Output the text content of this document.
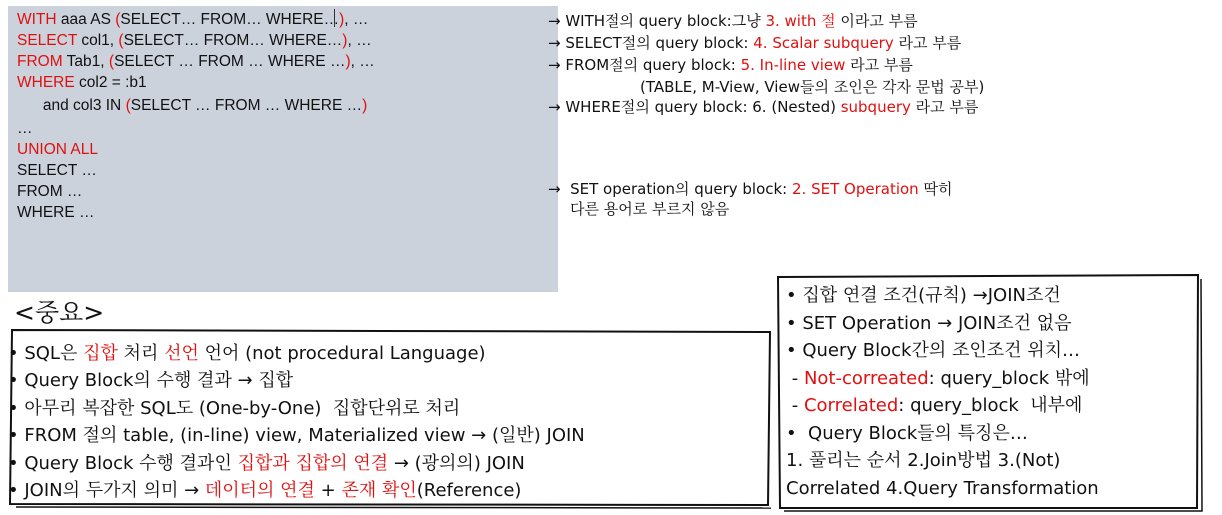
WITH aaa AS (SELECT… FROM… WHERE…), …
SELECT col1, (SELECT… FROM… WHERE…), …
FROM Tab1, (SELECT … FROM … WHERE …), …
WHERE col2 = :b1
and col3 IN (SELECT … FROM … WHERE …)
…
UNION ALL
SELECT …
FROM …
WHERE …
→ WITH절의 query block:그냥 3. with 절 이라고 부름
→ SELECT절의 query block: 4. Scalar subquery 라고 부름
→ FROM절의 query block: 5. In-line view 라고 부름
(TABLE, M-View, View들의 조인은 각자 문법 공부)
→ WHERE절의 query block: 6. (Nested) subquery 라고 부름
→  SET operation의 query block: 2. SET Operation 딱히
다른 용어로 부르지 않음
<중요>
• SQL은 집합 처리 선언 언어 (not procedural Language)
• Query Block의 수행 결과 → 집합
• 아무리 복잡한 SQL도 (One-by-One)  집합단위로 처리
• FROM 절의 table, (in-line) view, Materialized view → (일반) JOIN
• Query Block 수행 결과인 집합과 집합의 연결 → (광의의) JOIN
• JOIN의 두가지 의미 → 데이터의 연결 + 존재 확인(Reference)
• 집합 연결 조건(규칙) →JOIN조건
• SET Operation → JOIN조건 없음
• Query Block간의 조인조건 위치…
- Not-correated: query_block 밖에
- Correlated: query_block  내부에
•  Query Block들의 특징은…
1. 풀리는 순서 2.Join방법 3.(Not)
Correlated 4.Query Transformation
